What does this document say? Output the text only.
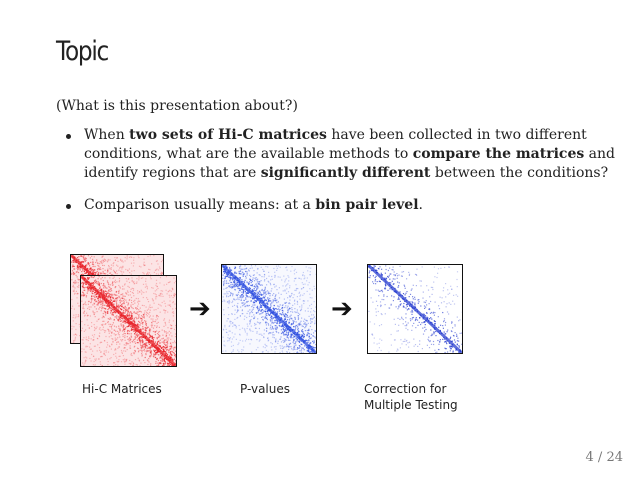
Topic
(What is this presentation about?)
When two sets of Hi-C matrices have been collected in two different conditions, what are the available methods to compare the matrices and identify regions that are significantly different between the conditions?
Comparison usually means: at a bin pair level.
➔	➔
Hi-C Matrices	P-values	Correction for
Multiple Testing
4 / 24
